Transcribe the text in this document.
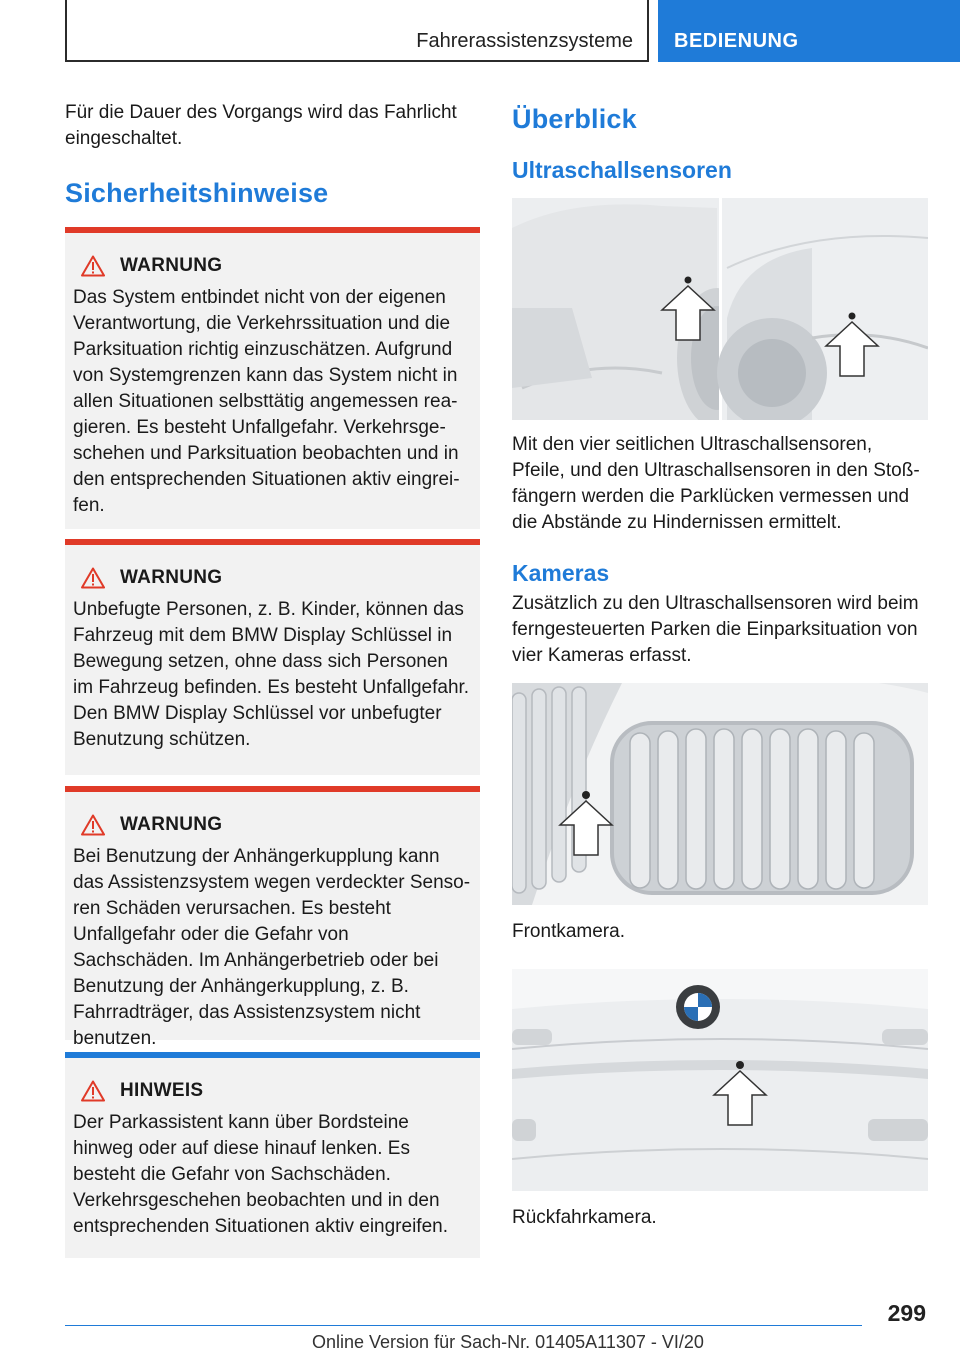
Fahrerassistenzsysteme BEDIENUNG

Für die Dauer des Vorgangs wird das Fahrlicht eingeschaltet.

Sicherheitshinweise
WARNUNG

Das System entbindet nicht von der eigenen Verantwortung, die Verkehrssituation und die Parksituation richtig einzuschätzen. Aufgrund von Systemgrenzen kann das System nicht in allen Situationen selbsttätig angemessen reagieren. Es besteht Unfallgefahr. Verkehrsgeschehen und Parksituation beobachten und in den entsprechenden Situationen aktiv eingreifen.

WARNUNG

Unbefugte Personen, z. B. Kinder, können das Fahrzeug mit dem BMW Display Schlüssel in Bewegung setzen, ohne dass sich Personen im Fahrzeug befinden. Es besteht Unfallgefahr. Den BMW Display Schlüssel vor unbefugter Benutzung schützen.

WARNUNG

Bei Benutzung der Anhängerkupplung kann das Assistenzsystem wegen verdeckter Sensoren Schäden verursachen. Es besteht Unfallgefahr oder die Gefahr von Sachschäden. Im Anhängerbetrieb oder bei Benutzung der Anhängerkupplung, z. B. Fahrradträger, das Assistenzsystem nicht benutzen.

HINWEIS

Der Parkassistent kann über Bordsteine hinweg oder auf diese hinauf lenken. Es besteht die Gefahr von Sachschäden. Verkehrsgeschehen beobachten und in den entsprechenden Situationen aktiv eingreifen.

Überblick
Ultraschallsensoren

Mit den vier seitlichen Ultraschallsensoren, Pfeile, und den Ultraschallsensoren in den Stoßfängern werden die Parklücken vermessen und die Abstände zu Hindernissen ermittelt.

Kameras

Zusätzlich zu den Ultraschallsensoren wird beim ferngesteuerten Parken die Einparksituation von vier Kameras erfasst.

Frontkamera.

Rückfahrkamera.

299
Online Version für Sach-Nr. 01405A11307 - VI/20
